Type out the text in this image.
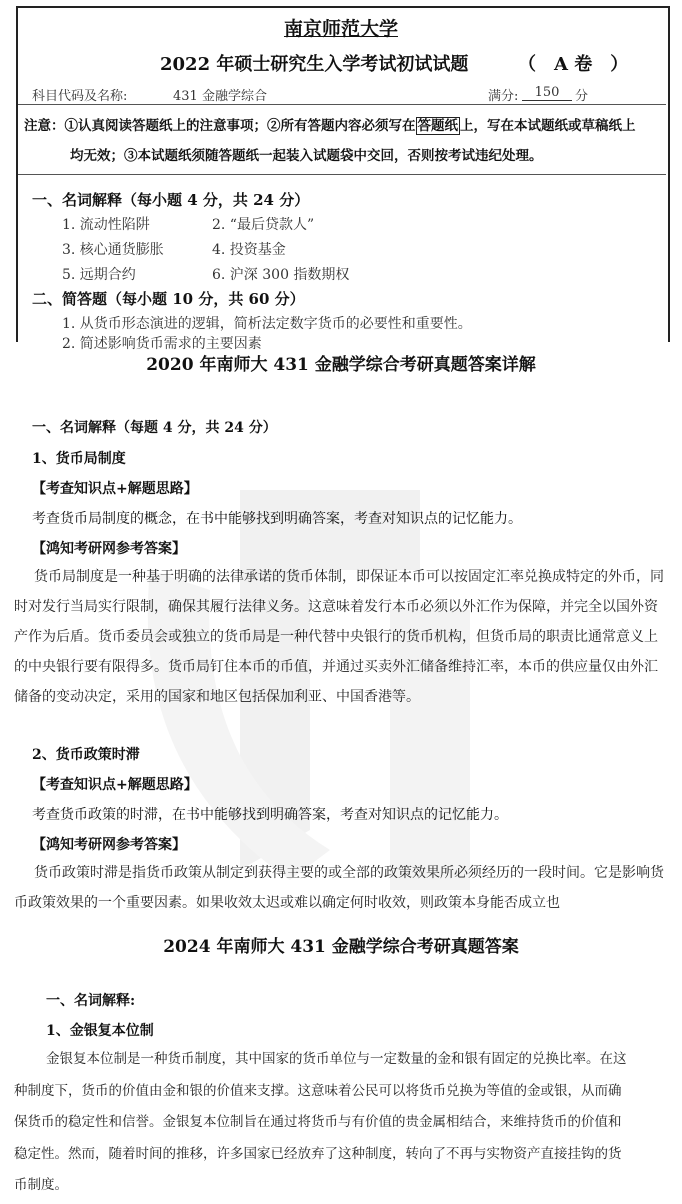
南京师范大学
2022 年硕士研究生入学考试初试试题	（　A 卷　）
科目代码及名称:	431 金融学综合	满分:	150	分
注意：①认真阅读答题纸上的注意事项；②所有答题内容必须写在 答题纸 上，写在本试题纸或草稿纸上
均无效；③本试题纸须随答题纸一起装入试题袋中交回，否则按考试违纪处理。
一、名词解释（每小题 4 分，共 24 分）
1. 流动性陷阱	2. “最后贷款人”
3. 核心通货膨胀	4. 投资基金
5. 远期合约	6. 沪深 300 指数期权
二、简答题（每小题 10 分，共 60 分）
1. 从货币形态演进的逻辑，简析法定数字货币的必要性和重要性。
2. 简述影响货币需求的主要因素
2020 年南师大 431 金融学综合考研真题答案详解
一、名词解释（每题 4 分，共 24 分）
1、货币局制度
【考查知识点+解题思路】
考查货币局制度的概念，在书中能够找到明确答案，考查对知识点的记忆能力。
【鸿知考研网参考答案】
货币局制度是一种基于明确的法律承诺的货币体制，即保证本币可以按固定汇率兑换成特定的外币，同时对发行当局实行限制，确保其履行法律义务。这意味着发行本币必须以外汇作为保障，并完全以国外资产作为后盾。货币委员会或独立的货币局是一种代替中央银行的货币机构，但货币局的职责比通常意义上的中央银行要有限得多。货币局钉住本币的币值，并通过买卖外汇储备维持汇率，本币的供应量仅由外汇储备的变动决定，采用的国家和地区包括保加利亚、中国香港等。
2、货币政策时滞
【考查知识点+解题思路】
考查货币政策的时滞，在书中能够找到明确答案，考查对知识点的记忆能力。
【鸿知考研网参考答案】
货币政策时滞是指货币政策从制定到获得主要的或全部的政策效果所必须经历的一段时间。它是影响货币政策效果的一个重要因素。如果收效太迟或难以确定何时收效，则政策本身能否成立也
2024 年南师大 431 金融学综合考研真题答案
一、名词解释:
1、金银复本位制
金银复本位制是一种货币制度，其中国家的货币单位与一定数量的金和银有固定的兑换比率。在这种制度下，货币的价值由金和银的价值来支撑。这意味着公民可以将货币兑换为等值的金或银，从而确保货币的稳定性和信誉。金银复本位制旨在通过将货币与有价值的贵金属相结合，来维持货币的价值和稳定性。然而，随着时间的推移，许多国家已经放弃了这种制度，转向了不再与实物资产直接挂钩的货币制度。
